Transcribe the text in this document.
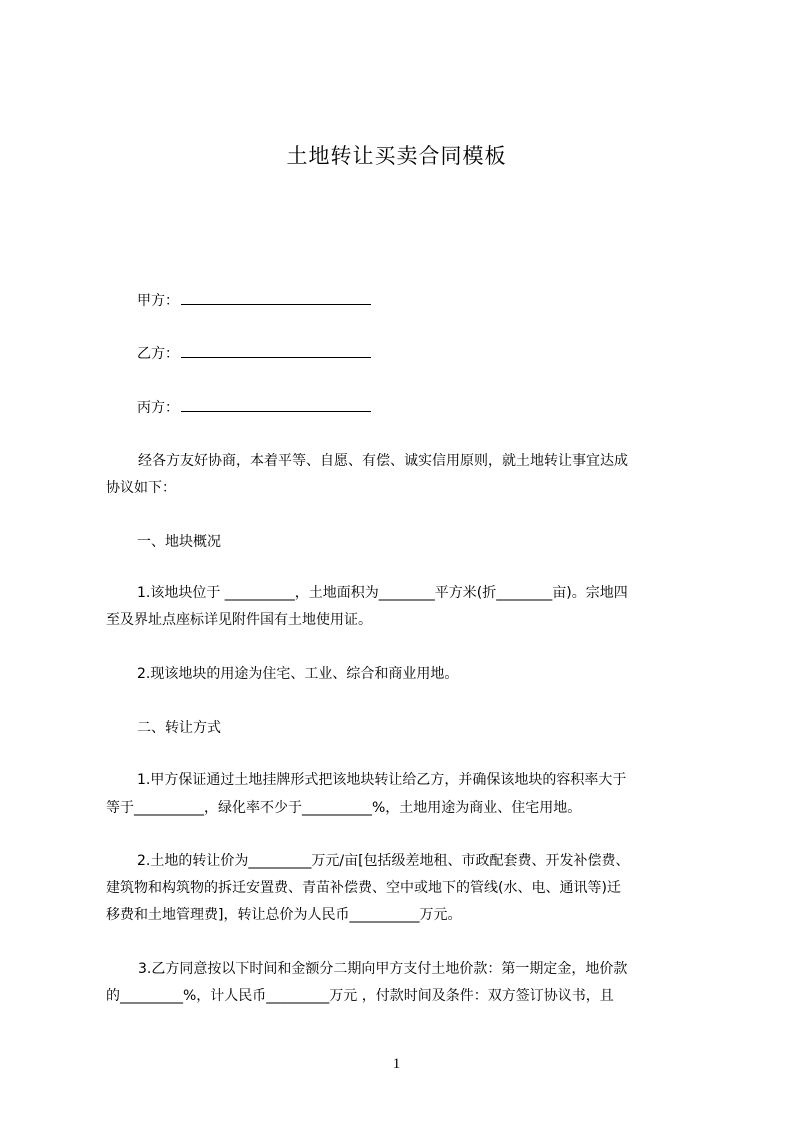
土地转让买卖合同模板
甲方：
乙方：
丙方：
经各方友好协商，本着平等、自愿、有偿、诚实信用原则，就土地转让事宜达成
协议如下：
一、地块概况
1.该地块位于 __________，土地面积为________平方米(折________亩)。宗地四
至及界址点座标详见附件国有土地使用证。
2.现该地块的用途为住宅、工业、综合和商业用地。
二、转让方式
1.甲方保证通过土地挂牌形式把该地块转让给乙方，并确保该地块的容积率大于
等于__________，绿化率不少于__________%，土地用途为商业、住宅用地。
2.土地的转让价为_________万元/亩[包括级差地租、市政配套费、开发补偿费、
建筑物和构筑物的拆迁安置费、青苗补偿费、空中或地下的管线(水、电、通讯等)迁
移费和土地管理费]，转让总价为人民币__________万元。
3.乙方同意按以下时间和金额分二期向甲方支付土地价款：第一期定金，地价款
的_________%，计人民币_________万元 ，付款时间及条件：双方签订协议书，且
1
